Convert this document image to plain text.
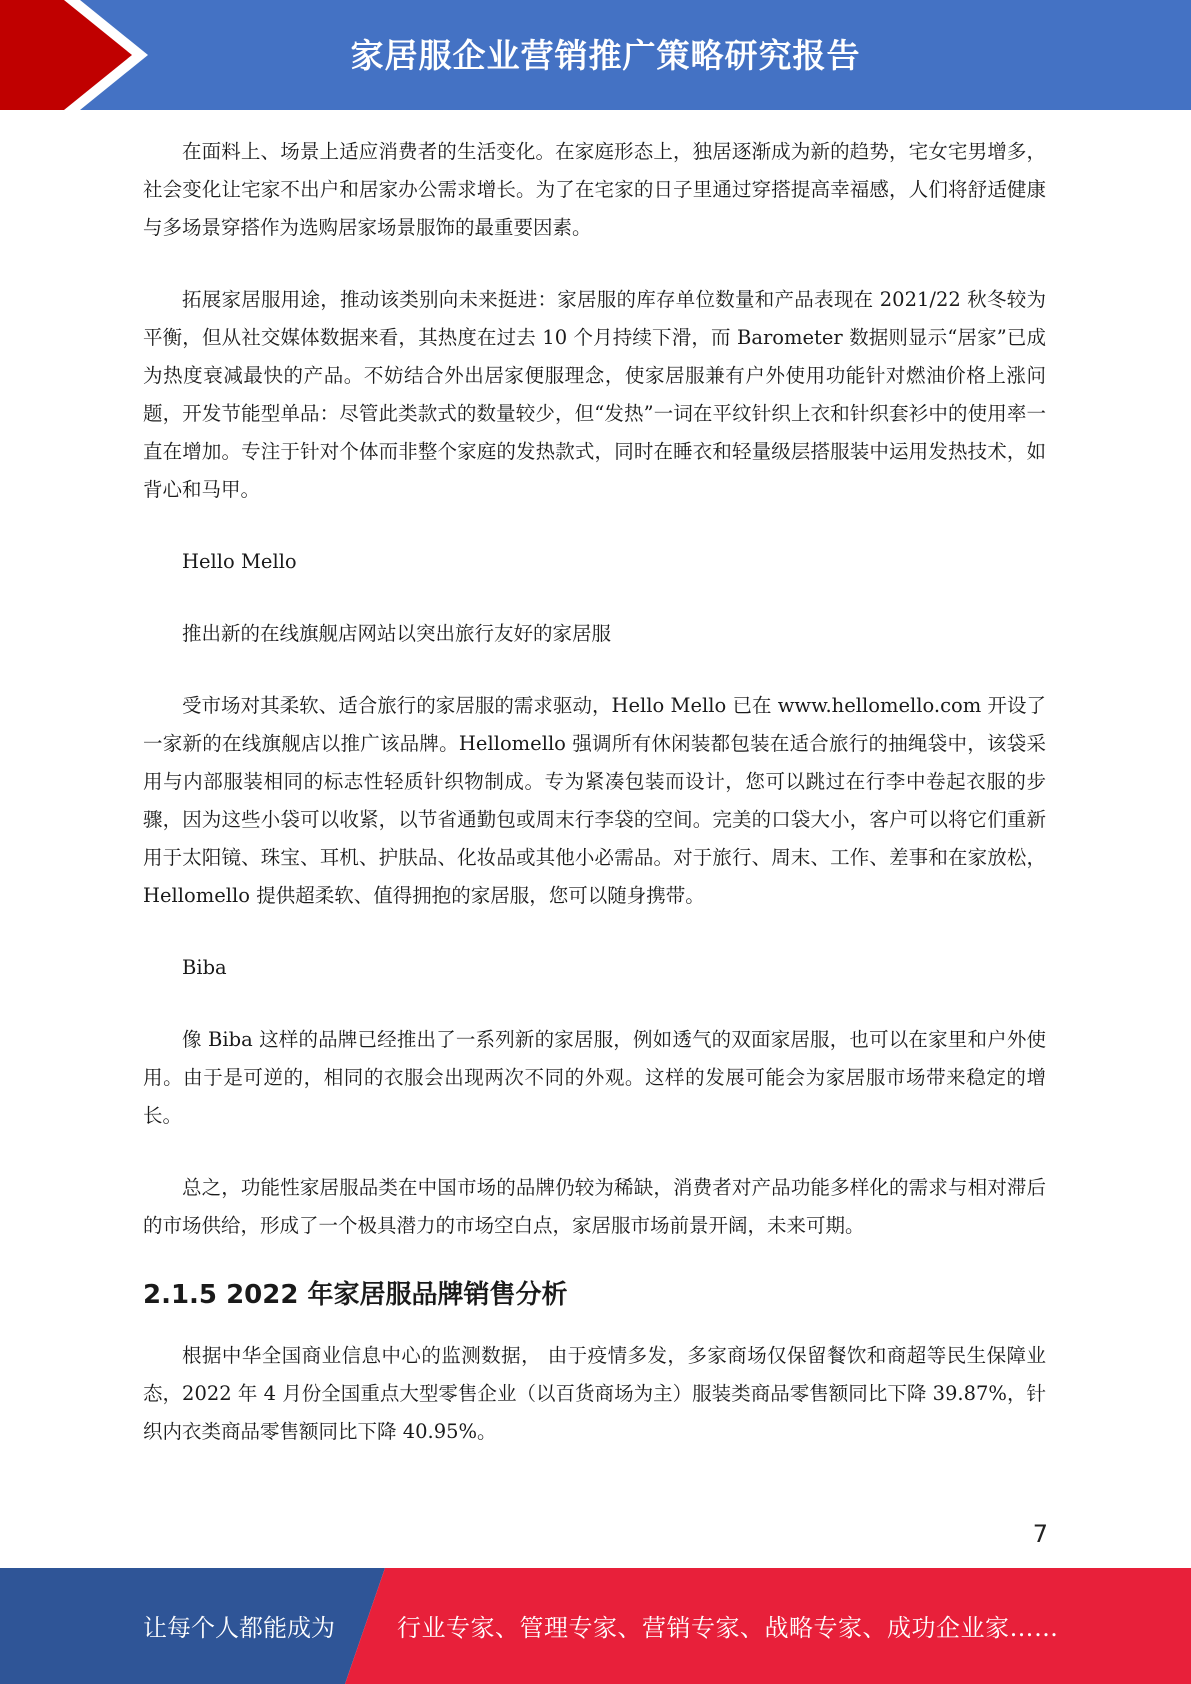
家居服企业营销推广策略研究报告

在面料上、场景上适应消费者的生活变化。在家庭形态上，独居逐渐成为新的趋势，宅女宅男增多，社会变化让宅家不出户和居家办公需求增长。为了在宅家的日子里通过穿搭提高幸福感，人们将舒适健康与多场景穿搭作为选购居家场景服饰的最重要因素。

拓展家居服用途，推动该类别向未来挺进：家居服的库存单位数量和产品表现在 2021/22 秋冬较为平衡，但从社交媒体数据来看，其热度在过去 10 个月持续下滑，而 Barometer 数据则显示“居家”已成为热度衰减最快的产品。不妨结合外出居家便服理念，使家居服兼有户外使用功能针对燃油价格上涨问题，开发节能型单品：尽管此类款式的数量较少，但“发热”一词在平纹针织上衣和针织套衫中的使用率一直在增加。专注于针对个体而非整个家庭的发热款式，同时在睡衣和轻量级层搭服装中运用发热技术，如背心和马甲。

Hello Mello

推出新的在线旗舰店网站以突出旅行友好的家居服

受市场对其柔软、适合旅行的家居服的需求驱动，Hello Mello 已在 www.hellomello.com 开设了一家新的在线旗舰店以推广该品牌。Hellomello 强调所有休闲装都包装在适合旅行的抽绳袋中，该袋采用与内部服装相同的标志性轻质针织物制成。专为紧凑包装而设计，您可以跳过在行李中卷起衣服的步骤，因为这些小袋可以收紧，以节省通勤包或周末行李袋的空间。完美的口袋大小，客户可以将它们重新用于太阳镜、珠宝、耳机、护肤品、化妆品或其他小必需品。对于旅行、周末、工作、差事和在家放松，Hellomello 提供超柔软、值得拥抱的家居服，您可以随身携带。

Biba

像 Biba 这样的品牌已经推出了一系列新的家居服，例如透气的双面家居服，也可以在家里和户外使用。由于是可逆的，相同的衣服会出现两次不同的外观。这样的发展可能会为家居服市场带来稳定的增长。

总之，功能性家居服品类在中国市场的品牌仍较为稀缺，消费者对产品功能多样化的需求与相对滞后的市场供给，形成了一个极具潜力的市场空白点，家居服市场前景开阔，未来可期。

2.1.5 2022 年家居服品牌销售分析

根据中华全国商业信息中心的监测数据， 由于疫情多发，多家商场仅保留餐饮和商超等民生保障业态，2022 年 4 月份全国重点大型零售企业（以百货商场为主）服装类商品零售额同比下降 39.87%，针织内衣类商品零售额同比下降 40.95%。

7
让每个人都能成为	行业专家、管理专家、营销专家、战略专家、成功企业家……
